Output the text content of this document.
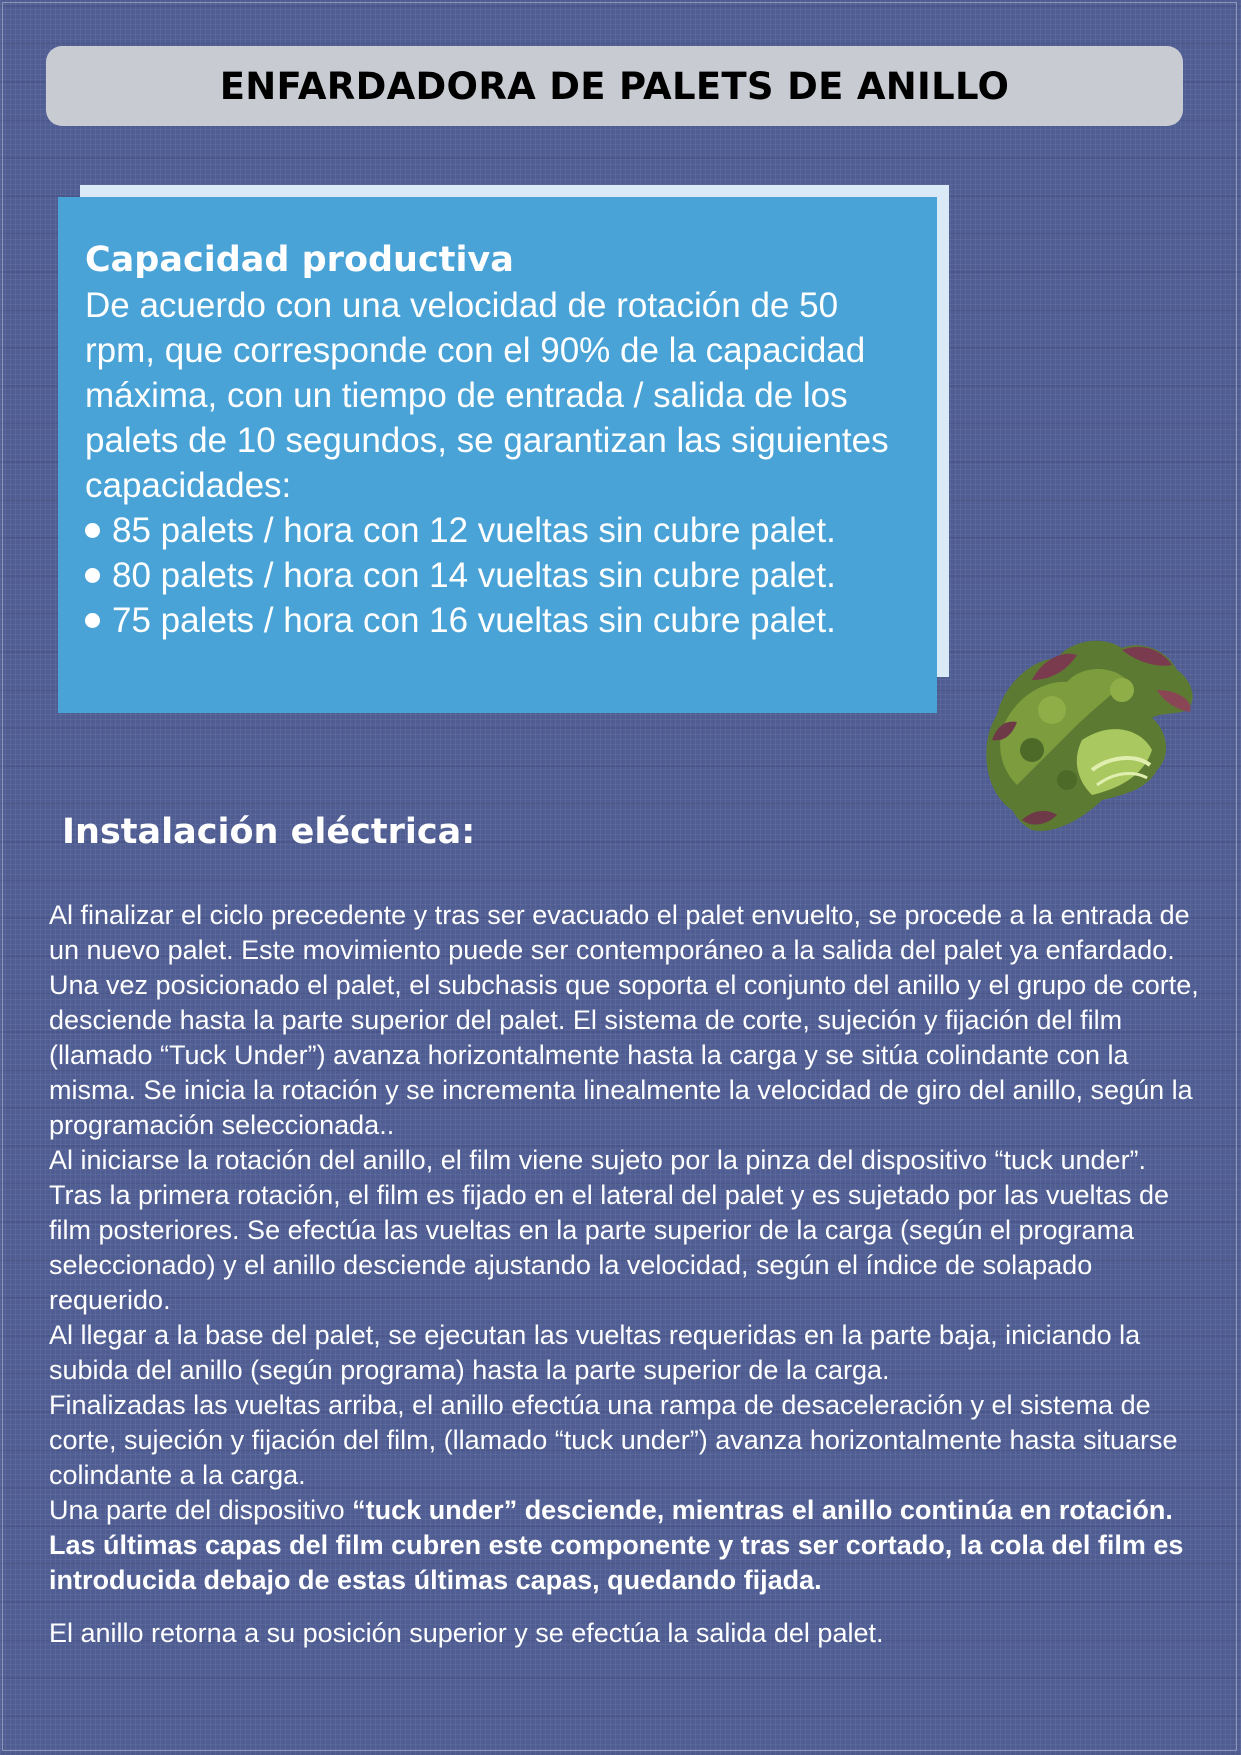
ENFARDADORA DE PALETS DE ANILLO
Capacidad productiva
De acuerdo con una velocidad de rotación de 50 rpm, que corresponde con el 90% de la capacidad máxima, con un tiempo de entrada / salida de los palets de 10 segundos, se garantizan las siguientes capacidades:
85 palets / hora con 12 vueltas sin cubre palet.
80 palets / hora con 14 vueltas sin cubre palet.
75 palets / hora con 16 vueltas sin cubre palet.
Instalación eléctrica:

Al finalizar el ciclo precedente y tras ser evacuado el palet envuelto, se procede a la entrada de un nuevo palet. Este movimiento puede ser contemporáneo a la salida del palet ya enfardado.

Una vez posicionado el palet, el subchasis que soporta el conjunto del anillo y el grupo de corte, desciende hasta la parte superior del palet. El sistema de corte, sujeción y fijación del film (llamado “Tuck Under”) avanza horizontalmente hasta la carga y se sitúa colindante con la misma. Se inicia la rotación y se incrementa linealmente la velocidad de giro del anillo, según la programación seleccionada..

Al iniciarse la rotación del anillo, el film viene sujeto por la pinza del dispositivo “tuck under”. Tras la primera rotación, el film es fijado en el lateral del palet y es sujetado por las vueltas de film posteriores. Se efectúa las vueltas en la parte superior de la carga (según el programa seleccionado) y el anillo desciende ajustando la velocidad, según el índice de solapado requerido.

Al llegar a la base del palet, se ejecutan las vueltas requeridas en la parte baja, iniciando la subida del anillo (según programa) hasta la parte superior de la carga.

Finalizadas las vueltas arriba, el anillo efectúa una rampa de desaceleración y el sistema de corte, sujeción y fijación del film, (llamado “tuck under”) avanza horizontalmente hasta situarse colindante a la carga.

Una parte del dispositivo “tuck under” desciende, mientras el anillo continúa en rotación. Las últimas capas del film cubren este componente y tras ser cortado, la cola del film es introducida debajo de estas últimas capas, quedando fijada.

El anillo retorna a su posición superior y se efectúa la salida del palet.
